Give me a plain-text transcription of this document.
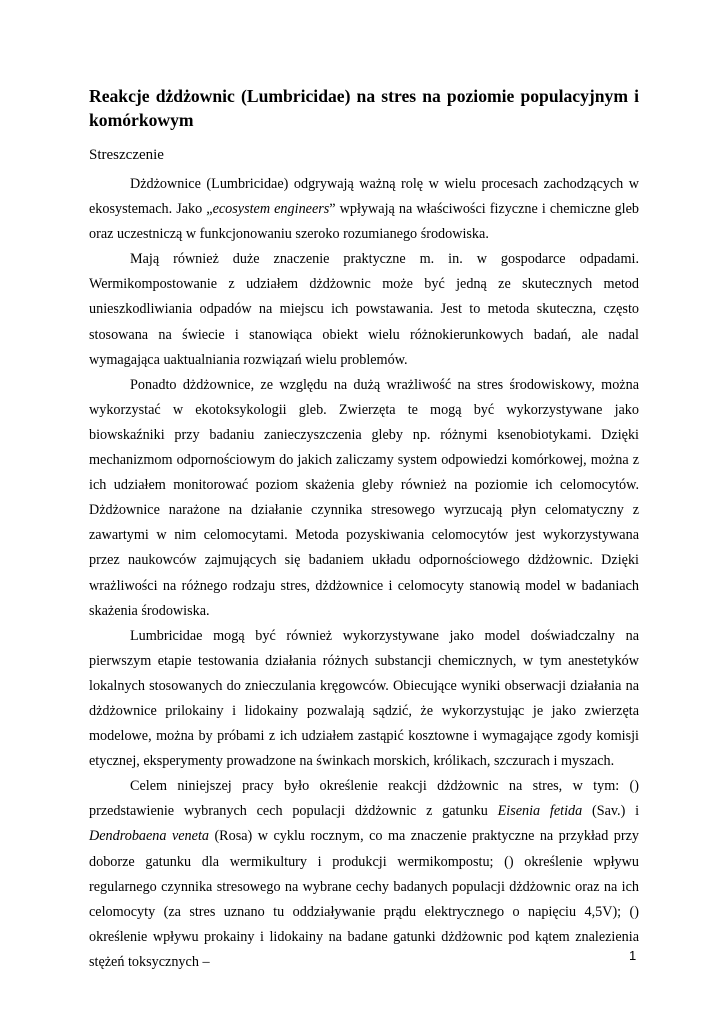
Reakcje dżdżownic (Lumbricidae) na stres na poziomie populacyjnym i komórkowym
Streszczenie

Dżdżownice (Lumbricidae) odgrywają ważną rolę w wielu procesach zachodzących w ekosystemach. Jako „ecosystem engineers” wpływają na właściwości fizyczne i chemiczne gleb oraz uczestniczą w funkcjonowaniu szeroko rozumianego środowiska.

Mają również duże znaczenie praktyczne m. in. w gospodarce odpadami. Wermikompostowanie z udziałem dżdżownic może być jedną ze skutecznych metod unieszkodliwiania odpadów na miejscu ich powstawania. Jest to metoda skuteczna, często stosowana na świecie i stanowiąca obiekt wielu różnokierunkowych badań, ale nadal wymagająca uaktualniania rozwiązań wielu problemów.

Ponadto dżdżownice, ze względu na dużą wrażliwość na stres środowiskowy, można wykorzystać w ekotoksykologii gleb. Zwierzęta te mogą być wykorzystywane jako biowskaźniki przy badaniu zanieczyszczenia gleby np. różnymi ksenobiotykami. Dzięki mechanizmom odpornościowym do jakich zaliczamy system odpowiedzi komórkowej, można z ich udziałem monitorować poziom skażenia gleby również na poziomie ich celomocytów. Dżdżownice narażone na działanie czynnika stresowego wyrzucają płyn celomatyczny z zawartymi w nim celomocytami. Metoda pozyskiwania celomocytów jest wykorzystywana przez naukowców zajmujących się badaniem układu odpornościowego dżdżownic. Dzięki wrażliwości na różnego rodzaju stres, dżdżownice i celomocyty stanowią model w badaniach skażenia środowiska.

Lumbricidae mogą być również wykorzystywane jako model doświadczalny na pierwszym etapie testowania działania różnych substancji chemicznych, w tym anestetyków lokalnych stosowanych do znieczulania kręgowców. Obiecujące wyniki obserwacji działania na dżdżownice prilokainy i lidokainy pozwalają sądzić, że wykorzystując je jako zwierzęta modelowe, można by próbami z ich udziałem zastąpić kosztowne i wymagające zgody komisji etycznej, eksperymenty prowadzone na świnkach morskich, królikach, szczurach i myszach.

Celem niniejszej pracy było określenie reakcji dżdżownic na stres, w tym: () przedstawienie wybranych cech populacji dżdżownic z gatunku Eisenia fetida (Sav.) i Dendrobaena veneta (Rosa) w cyklu rocznym, co ma znaczenie praktyczne na przykład przy doborze gatunku dla wermikultury i produkcji wermikompostu; () określenie wpływu regularnego czynnika stresowego na wybrane cechy badanych populacji dżdżownic oraz na ich celomocyty (za stres uznano tu oddziaływanie prądu elektrycznego o napięciu 4,5V); () określenie wpływu prokainy i lidokainy na badane gatunki dżdżownic pod kątem znalezienia stężeń toksycznych –	1
